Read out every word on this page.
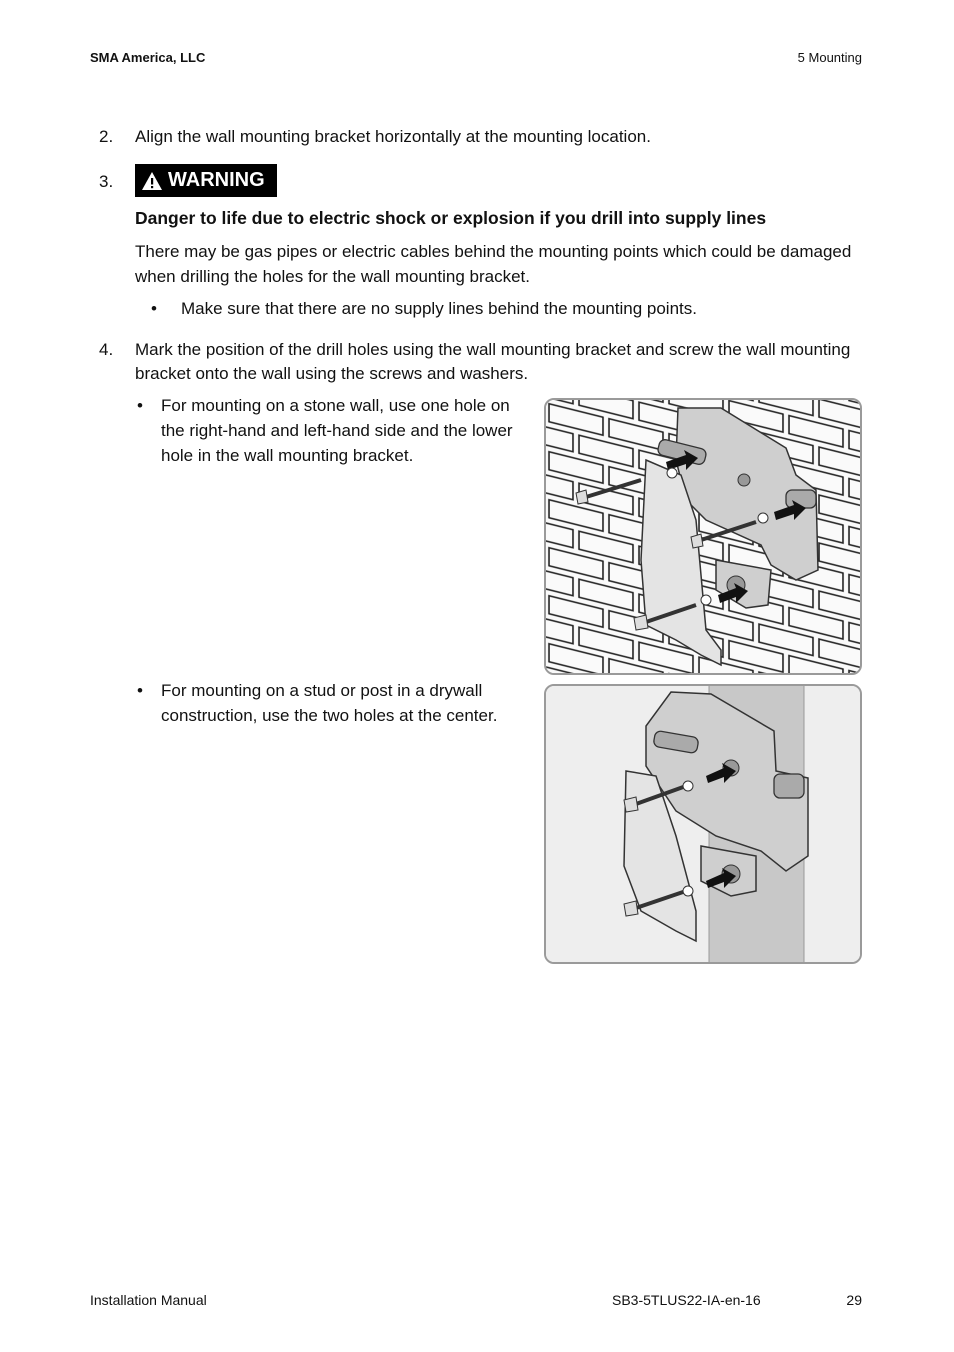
SMA America, LLC	5 Mounting
2. Align the wall mounting bracket horizontally at the mounting location.
3.	WARNING
Danger to life due to electric shock or explosion if you drill into supply lines
There may be gas pipes or electric cables behind the mounting points which could be damaged
when drilling the holes for the wall mounting bracket.
• Make sure that there are no supply lines behind the mounting points.
4. Mark the position of the drill holes using the wall mounting bracket and screw the wall mounting
bracket onto the wall using the screws and washers.
• For mounting on a stone wall, use one hole on
the right-hand and left-hand side and the lower
hole in the wall mounting bracket.
• For mounting on a stud or post in a drywall
construction, use the two holes at the center.
Installation Manual	SB3-5TLUS22-IA-en-16	29
